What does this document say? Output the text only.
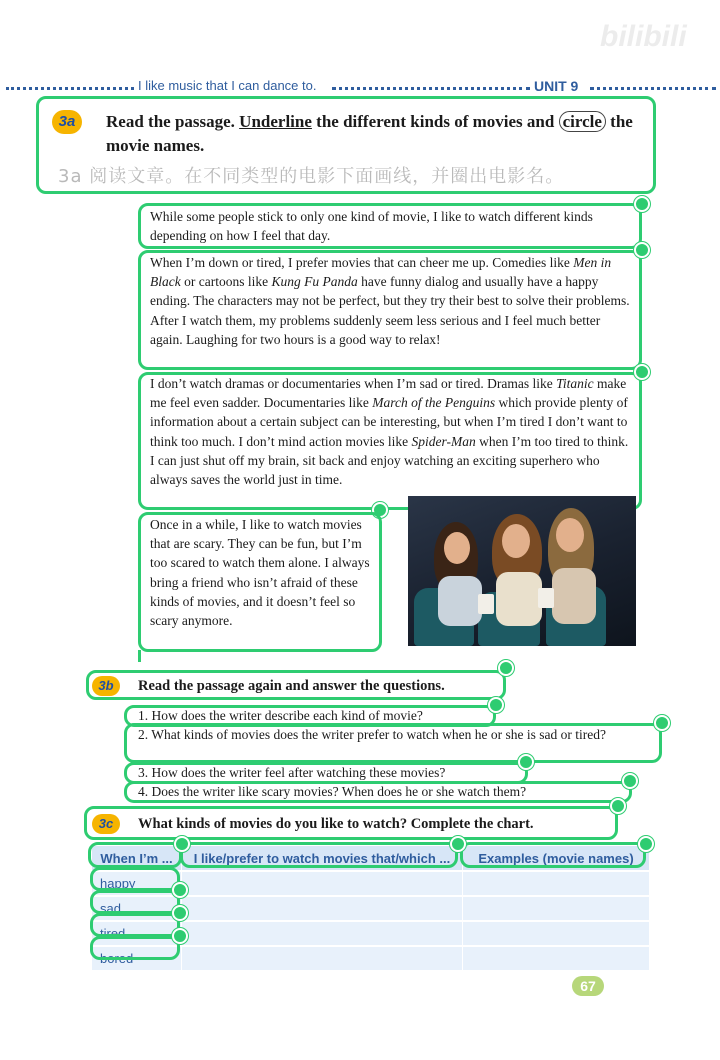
bilibili
I like music that I can dance to.	UNIT 9
3a	Read the passage. Underline the different kinds of movies and circle the movie names.
3a 阅读文章。在不同类型的电影下面画线，并圈出电影名。
While some people stick to only one kind of movie, I like to watch different kinds depending on how I feel that day.
When I’m down or tired, I prefer movies that can cheer me up. Comedies like Men in Black or cartoons like Kung Fu Panda have funny dialog and usually have a happy ending. The characters may not be perfect, but they try their best to solve their problems. After I watch them, my problems suddenly seem less serious and I feel much better again. Laughing for two hours is a good way to relax!
I don’t watch dramas or documentaries when I’m sad or tired. Dramas like Titanic make me feel even sadder. Documentaries like March of the Penguins which provide plenty of information about a certain subject can be interesting, but when I’m tired I don’t want to think too much. I don’t mind action movies like Spider-Man when I’m too tired to think. I can just shut off my brain, sit back and enjoy watching an exciting superhero who always saves the world just in time.
Once in a while, I like to watch movies that are scary. They can be fun, but I’m too scared to watch them alone. I always bring a friend who isn’t afraid of these kinds of movies, and it doesn’t feel so scary anymore.
3b	Read the passage again and answer the questions.
1. How does the writer describe each kind of movie?
2. What kinds of movies does the writer prefer to watch when he or she is sad or tired?
3. How does the writer feel after watching these movies?
4. Does the writer like scary movies? When does he or she watch them?
3c	What kinds of movies do you like to watch? Complete the chart.
When I’m ...	I like/prefer to watch movies that/which ...	Examples (movie names)
happy		
sad		
tired		
bored		
67
